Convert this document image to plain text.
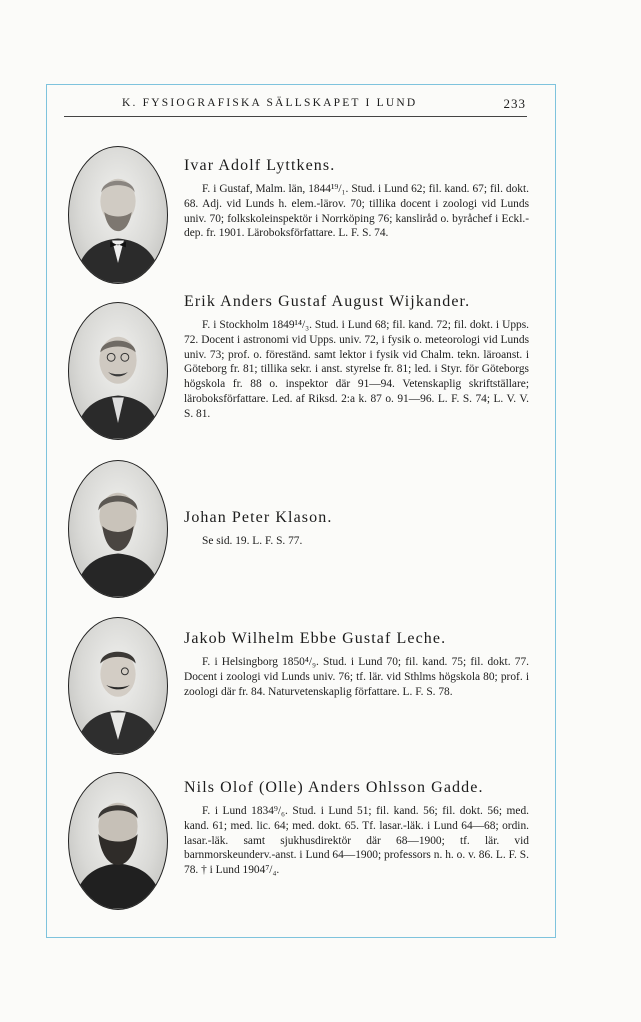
K. FYSIOGRAFISKA SÄLLSKAPET I LUND	233

Ivar Adolf Lyttkens.

F. i Gustaf, Malm. län, 1844¹⁹/₁. Stud. i Lund 62; fil. kand. 67; fil. dokt. 68. Adj. vid Lunds h. elem.-lärov. 70; tillika docent i zoologi vid Lunds univ. 70; folkskoleinspektör i Norrköping 76; kansliråd o. byråchef i Eckl.-dep. fr. 1901. Läroboksförfattare. L. F. S. 74.

Erik Anders Gustaf August Wijkander.

F. i Stockholm 1849¹⁴/₃. Stud. i Lund 68; fil. kand. 72; fil. dokt. i Upps. 72. Docent i astronomi vid Upps. univ. 72, i fysik o. meteorologi vid Lunds univ. 73; prof. o. föreständ. samt lektor i fysik vid Chalm. tekn. läroanst. i Göteborg fr. 81; tillika sekr. i anst. styrelse fr. 81; led. i Styr. för Göteborgs högskola fr. 88 o. inspektor där 91—94. Vetenskaplig skriftställare; läroboksförfattare. Led. af Riksd. 2:a k. 87 o. 91—96. L. F. S. 74; L. V. V. S. 81.

Johan Peter Klason.

Se sid. 19. L. F. S. 77.

Jakob Wilhelm Ebbe Gustaf Leche.

F. i Helsingborg 1850⁴/₉. Stud. i Lund 70; fil. kand. 75; fil. dokt. 77. Docent i zoologi vid Lunds univ. 76; tf. lär. vid Sthlms högskola 80; prof. i zoologi där fr. 84. Naturvetenskaplig författare. L. F. S. 78.

Nils Olof (Olle) Anders Ohlsson Gadde.

F. i Lund 1834⁹/₆. Stud. i Lund 51; fil. kand. 56; fil. dokt. 56; med. kand. 61; med. lic. 64; med. dokt. 65. Tf. lasar.-läk. i Lund 64—68; ordin. lasar.-läk. samt sjukhusdirektör där 68—1900; tf. lär. vid barnmorskeunderv.-anst. i Lund 64—1900; professors n. h. o. v. 86. L. F. S. 78. † i Lund 1904⁷/₄.
